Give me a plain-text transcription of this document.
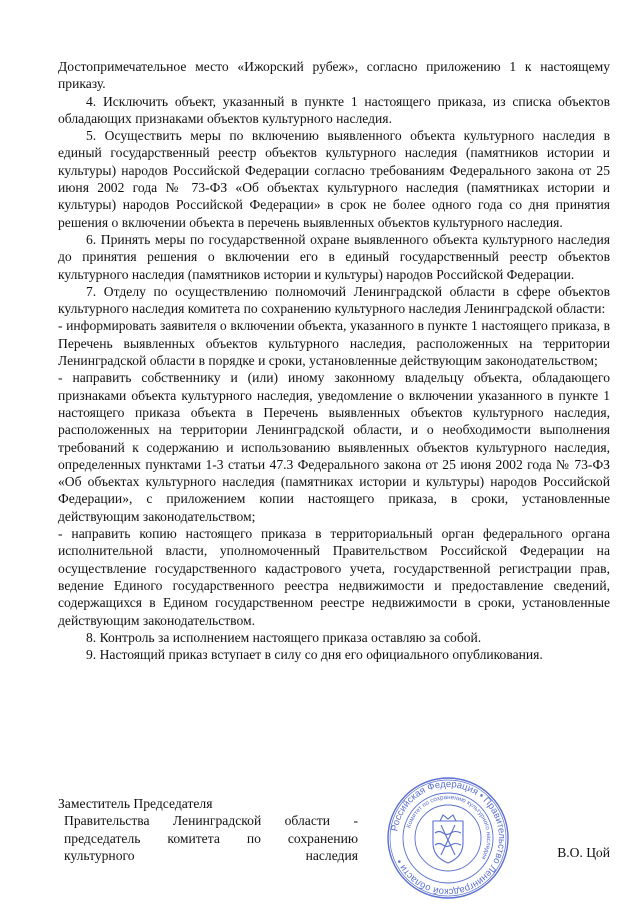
Достопримечательное место «Ижорский рубеж», согласно приложению 1 к настоящему приказу.

4. Исключить объект, указанный в пункте 1 настоящего приказа, из списка объектов обладающих признаками объектов культурного наследия.

5. Осуществить меры по включению выявленного объекта культурного наследия в единый государственный реестр объектов культурного наследия (памятников истории и культуры) народов Российской Федерации согласно требованиям Федерального закона от 25 июня 2002 года № 73-ФЗ «Об объектах культурного наследия (памятниках истории и культуры) народов Российской Федерации» в срок не более одного года со дня принятия решения о включении объекта в перечень выявленных объектов культурного наследия.

6. Принять меры по государственной охране выявленного объекта культурного наследия до принятия решения о включении его в единый государственный реестр объектов культурного наследия (памятников истории и культуры) народов Российской Федерации.

7. Отделу по осуществлению полномочий Ленинградской области в сфере объектов культурного наследия комитета по сохранению культурного наследия Ленинградской области:

- информировать заявителя о включении объекта, указанного в пункте 1 настоящего приказа, в Перечень выявленных объектов культурного наследия, расположенных на территории Ленинградской области в порядке и сроки, установленные действующим законодательством;

- направить собственнику и (или) иному законному владельцу объекта, обладающего признаками объекта культурного наследия, уведомление о включении указанного в пункте 1 настоящего приказа объекта в Перечень выявленных объектов культурного наследия, расположенных на территории Ленинградской области, и о необходимости выполнения требований к содержанию и использованию выявленных объектов культурного наследия, определенных пунктами 1-3 статьи 47.3 Федерального закона от 25 июня 2002 года № 73-ФЗ «Об объектах культурного наследия (памятниках истории и культуры) народов Российской Федерации», с приложением копии настоящего приказа, в сроки, установленные действующим законодательством;

- направить копию настоящего приказа в территориальный орган федерального органа исполнительной власти, уполномоченный Правительством Российской Федерации на осуществление государственного кадастрового учета, государственной регистрации прав, ведение Единого государственного реестра недвижимости и предоставление сведений, содержащихся в Едином государственном реестре недвижимости в сроки, установленные действующим законодательством.

8. Контроль за исполнением настоящего приказа оставляю за собой.

9. Настоящий приказ вступает в силу со дня его официального опубликования.

Заместитель Председателя
Правительства Ленинградской области -
председатель комитета по сохранению
культурного наследия
Российская Федерация • Правительство Ленинградской области •
Комитет по сохранению культурного наследия	В.О. Цой
